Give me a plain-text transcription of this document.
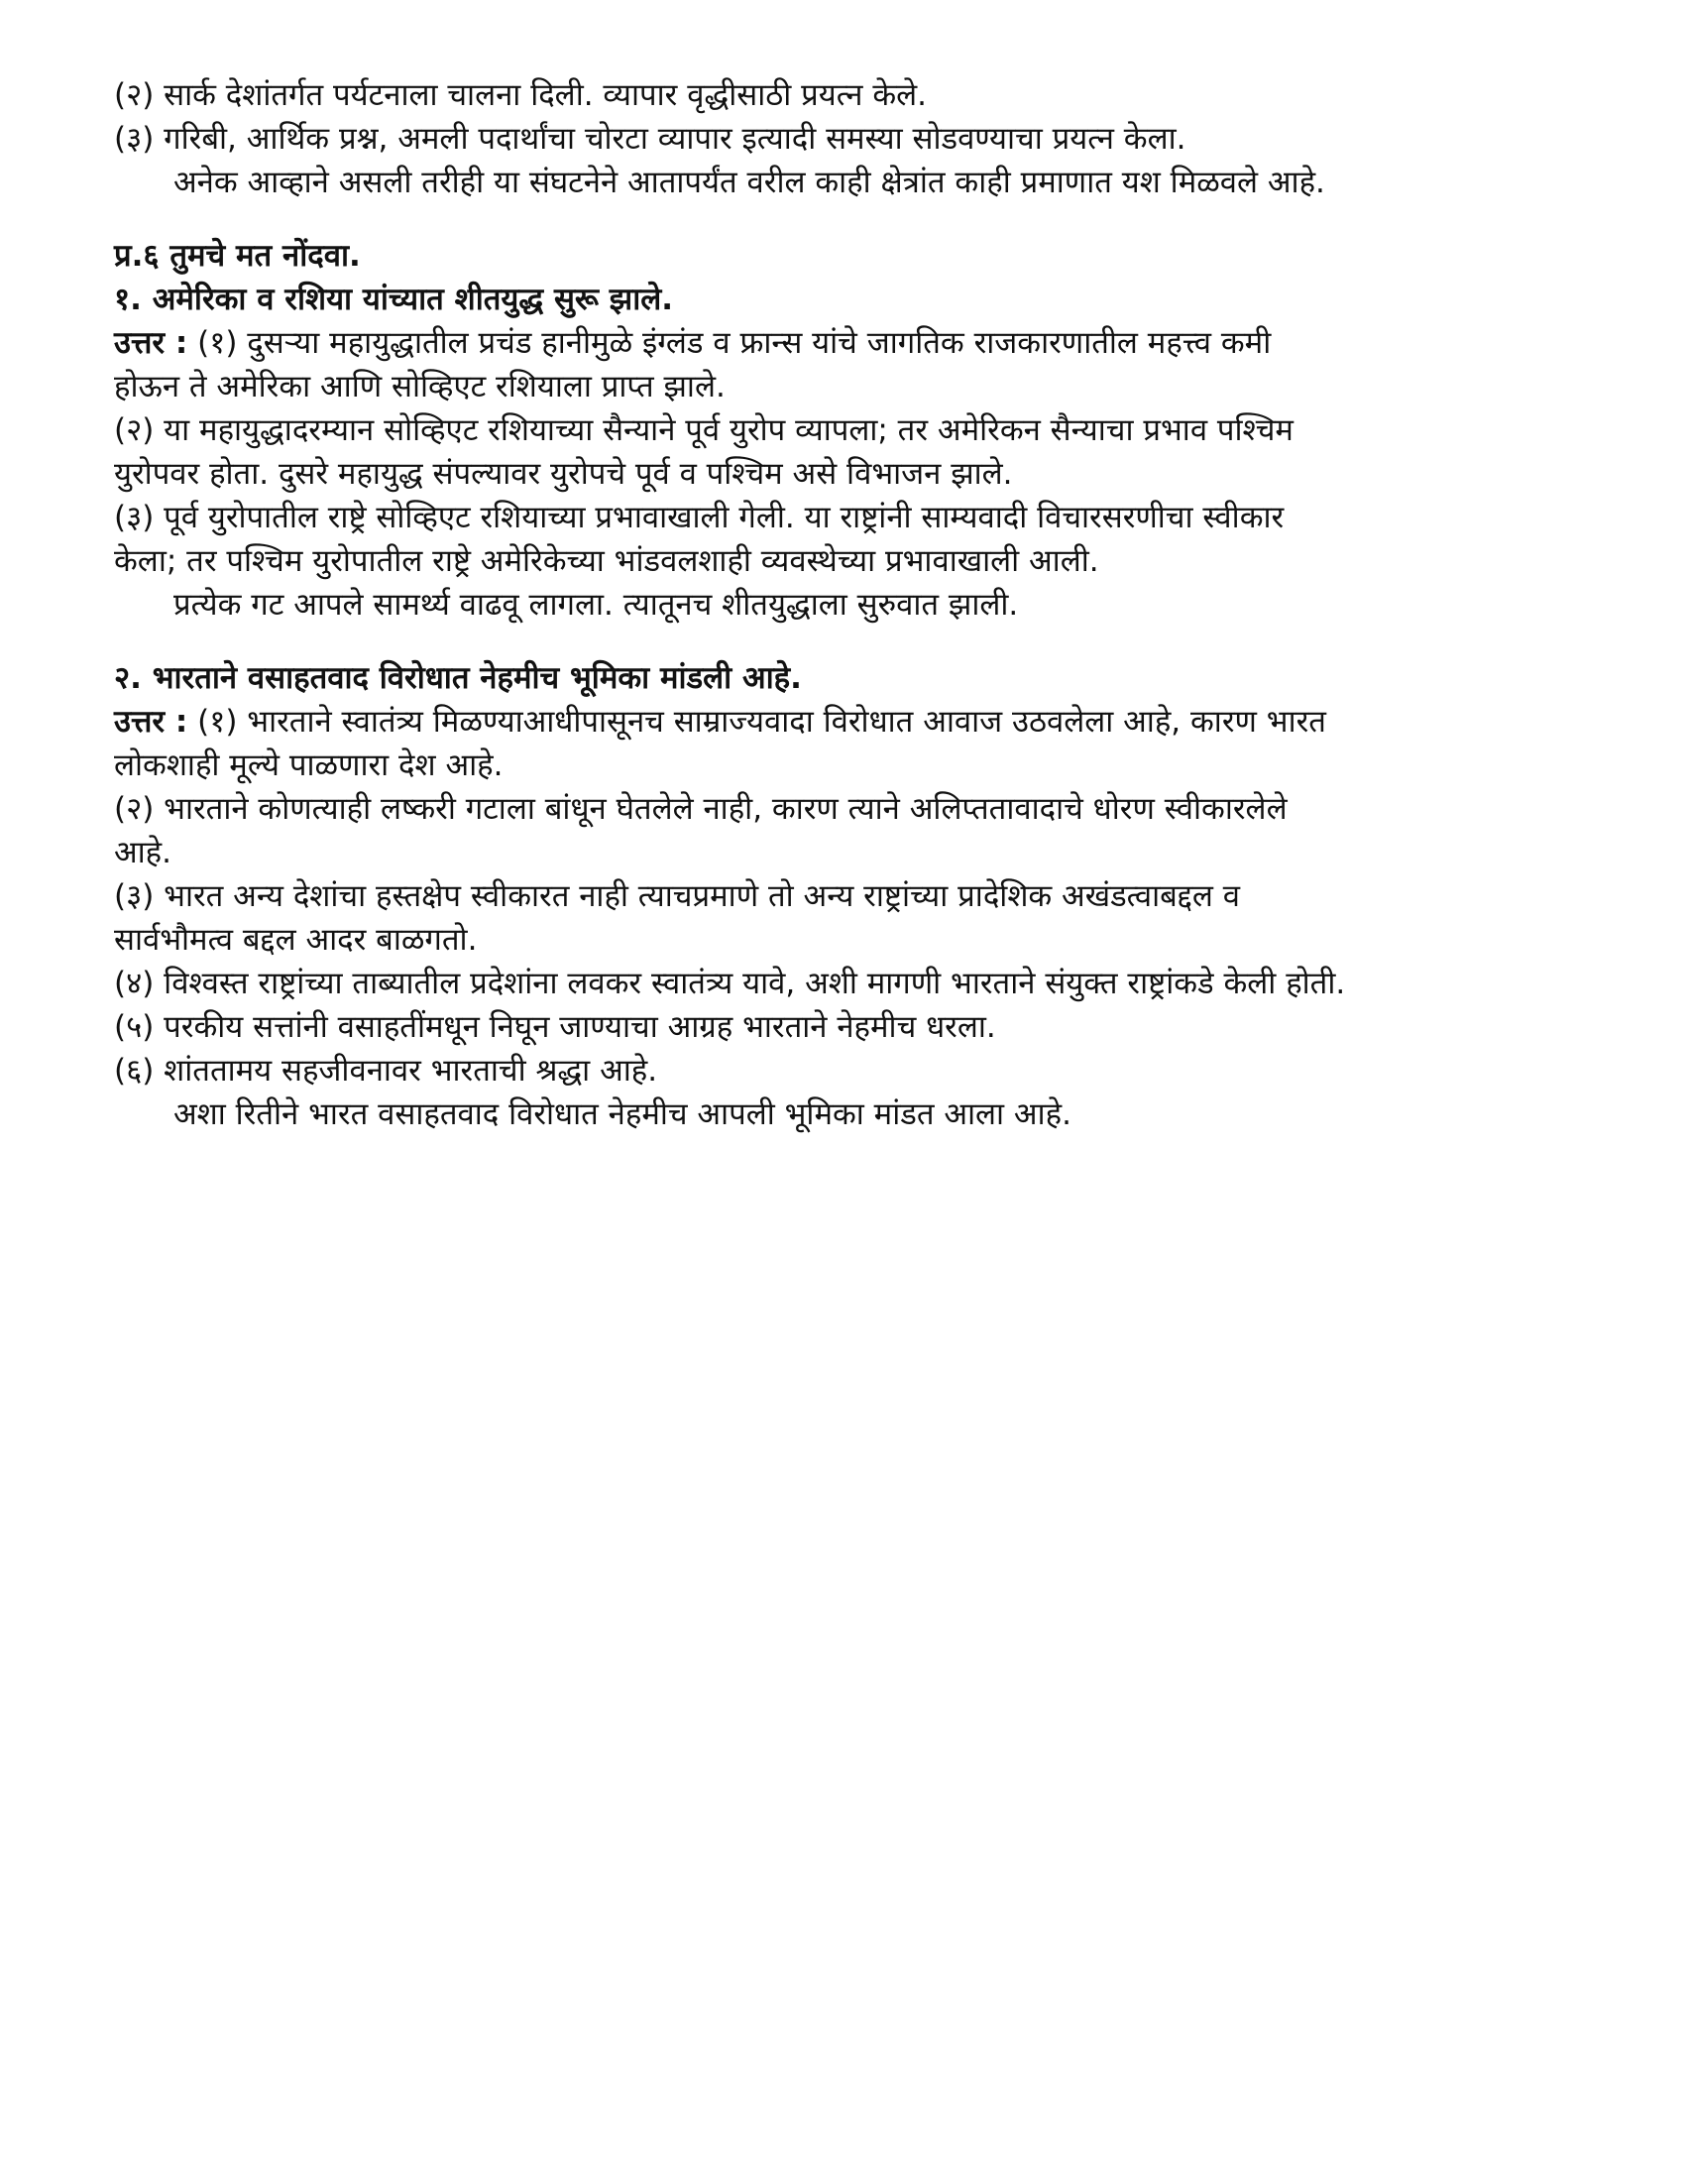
(२) सार्क देशांतर्गत पर्यटनाला चालना दिली. व्यापार वृद्धीसाठी प्रयत्न केले.

(३) गरिबी, आर्थिक प्रश्न, अमली पदार्थांचा चोरटा व्यापार इत्यादी समस्या सोडवण्याचा प्रयत्न केला.

अनेक आव्हाने असली तरीही या संघटनेने आतापर्यंत वरील काही क्षेत्रांत काही प्रमाणात यश मिळवले आहे.

प्र.६ तुमचे मत नोंदवा.

१. अमेरिका व रशिया यांच्यात शीतयुद्ध सुरू झाले.

उत्तर : (१) दुसऱ्या महायुद्धातील प्रचंड हानीमुळे इंग्लंड व फ्रान्स यांचे जागतिक राजकारणातील महत्त्व कमी

होऊन ते अमेरिका आणि सोव्हिएट रशियाला प्राप्त झाले.

(२) या महायुद्धादरम्यान सोव्हिएट रशियाच्या सैन्याने पूर्व युरोप व्यापला; तर अमेरिकन सैन्याचा प्रभाव पश्चिम

युरोपवर होता. दुसरे महायुद्ध संपल्यावर युरोपचे पूर्व व पश्चिम असे विभाजन झाले.

(३) पूर्व युरोपातील राष्ट्रे सोव्हिएट रशियाच्या प्रभावाखाली गेली. या राष्ट्रांनी साम्यवादी विचारसरणीचा स्वीकार

केला; तर पश्चिम युरोपातील राष्ट्रे अमेरिकेच्या भांडवलशाही व्यवस्थेच्या प्रभावाखाली आली.

प्रत्येक गट आपले सामर्थ्य वाढवू लागला. त्यातूनच शीतयुद्धाला सुरुवात झाली.

२. भारताने वसाहतवाद विरोधात नेहमीच भूमिका मांडली आहे.

उत्तर : (१) भारताने स्वातंत्र्य मिळण्याआधीपासूनच साम्राज्यवादा विरोधात आवाज उठवलेला आहे, कारण भारत

लोकशाही मूल्ये पाळणारा देश आहे.

(२) भारताने कोणत्याही लष्करी गटाला बांधून घेतलेले नाही, कारण त्याने अलिप्ततावादाचे धोरण स्वीकारलेले

आहे.

(३) भारत अन्य देशांचा हस्तक्षेप स्वीकारत नाही त्याचप्रमाणे तो अन्य राष्ट्रांच्या प्रादेशिक अखंडत्वाबद्दल व

सार्वभौमत्व बद्दल आदर बाळगतो.

(४) विश्वस्त राष्ट्रांच्या ताब्यातील प्रदेशांना लवकर स्वातंत्र्य यावे, अशी मागणी भारताने संयुक्त राष्ट्रांकडे केली होती.

(५) परकीय सत्तांनी वसाहतींमधून निघून जाण्याचा आग्रह भारताने नेहमीच धरला.

(६) शांततामय सहजीवनावर भारताची श्रद्धा आहे.

अशा रितीने भारत वसाहतवाद विरोधात नेहमीच आपली भूमिका मांडत आला आहे.
